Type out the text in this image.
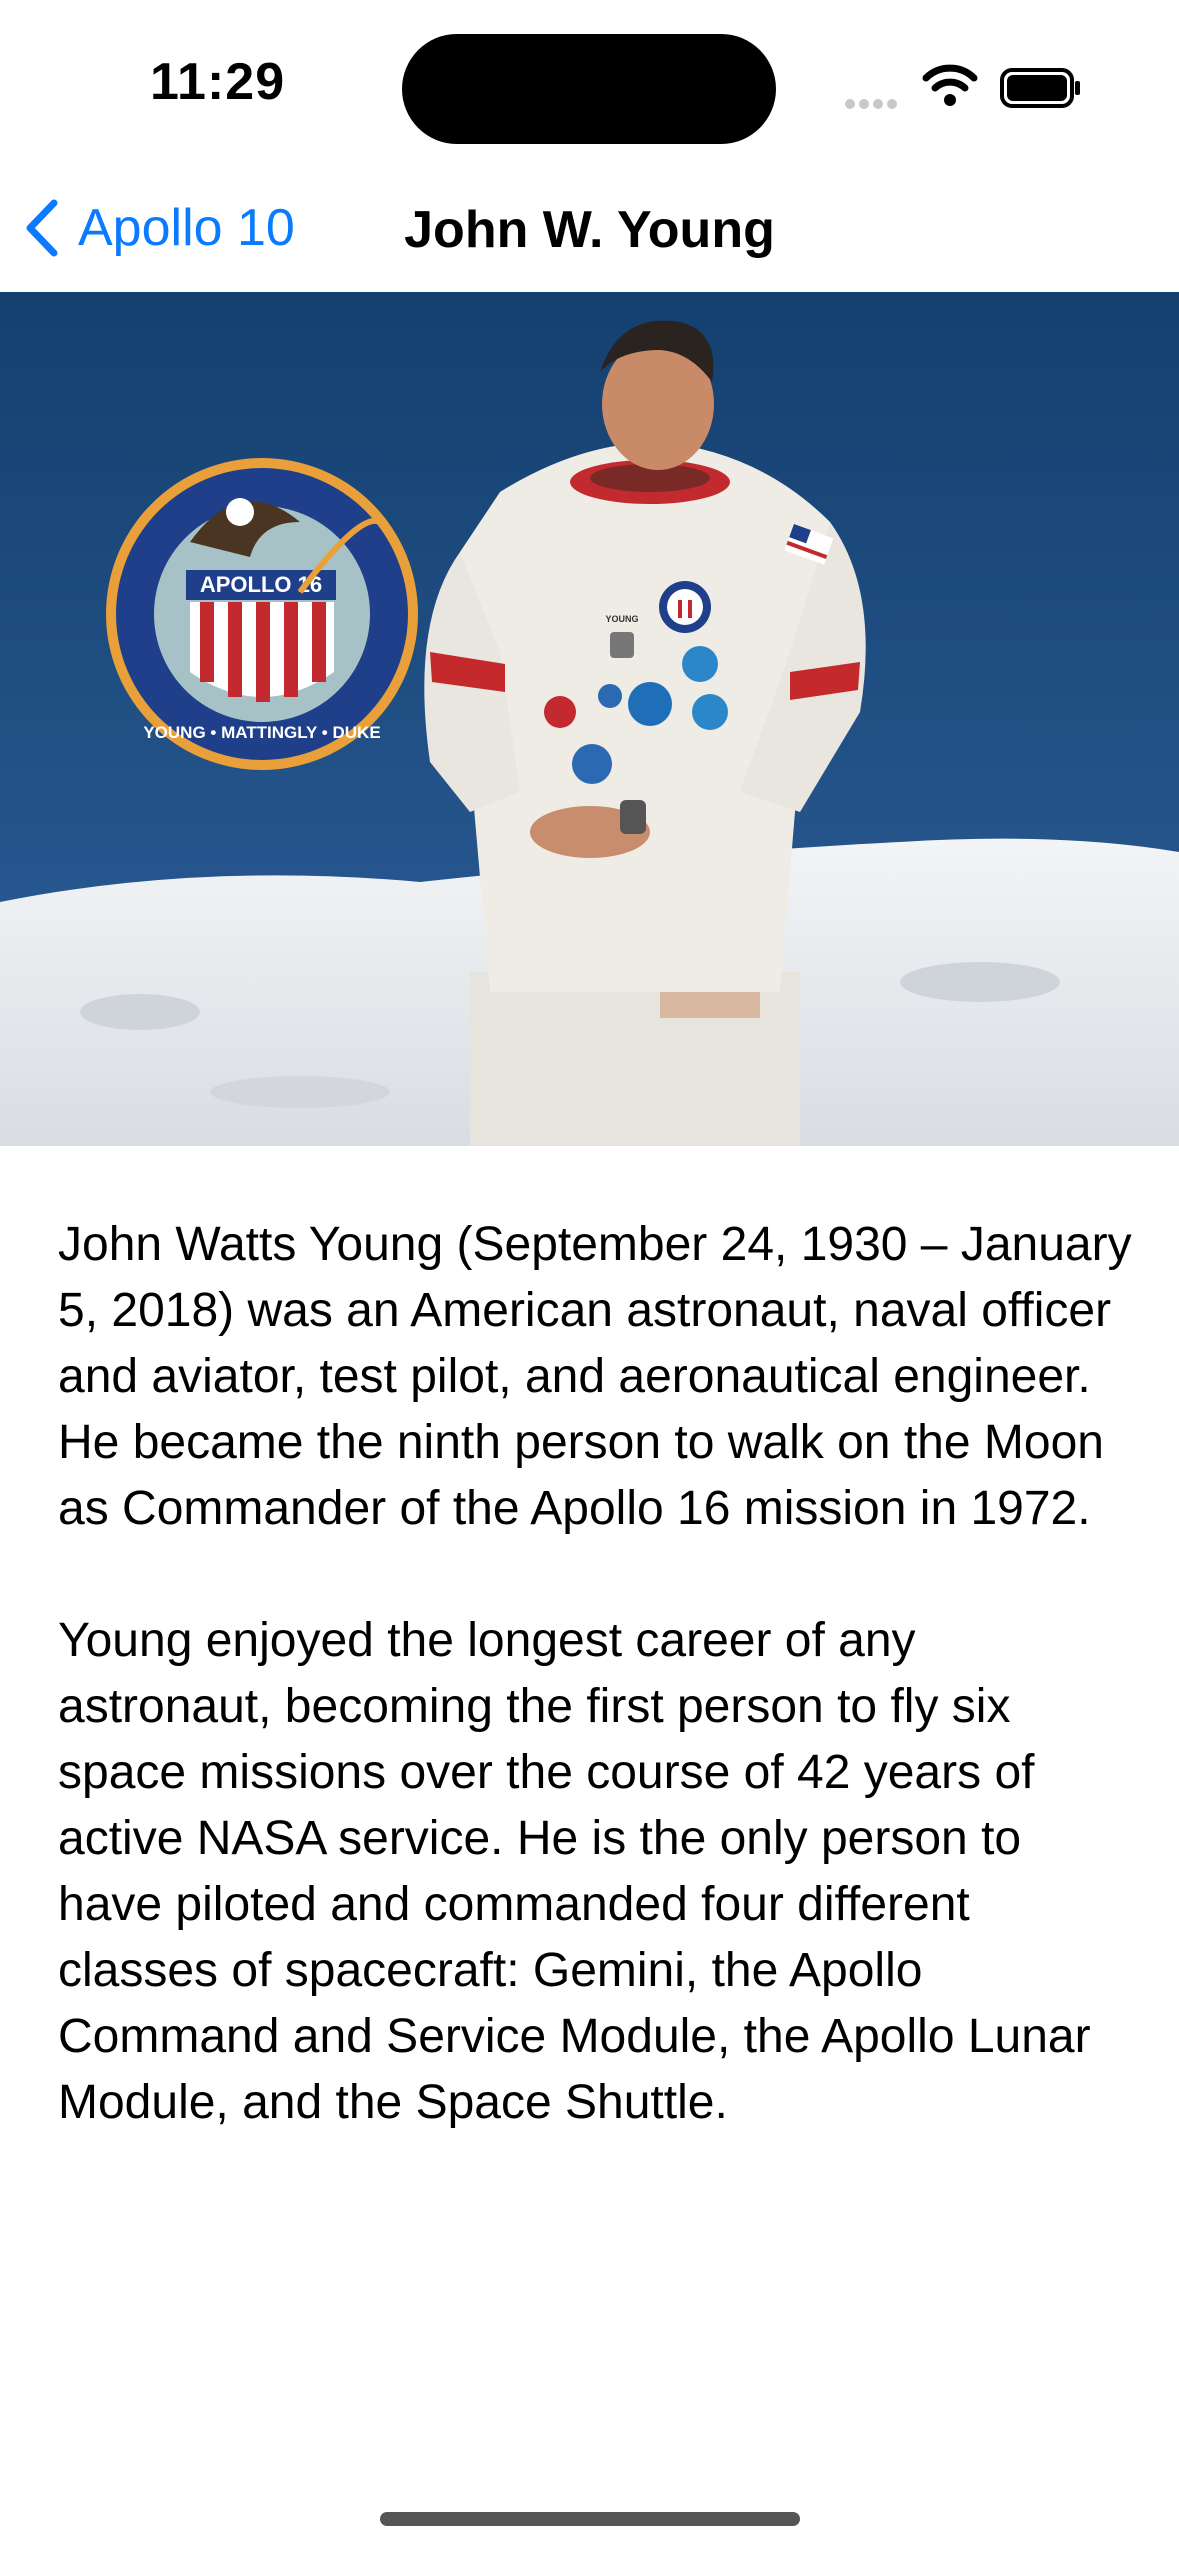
11:29
Apollo 10	John W. Young
APOLLO 16
YOUNG • MATTINGLY • DUKE
YOUNG

John Watts Young (September 24, 1930 – January 5, 2018) was an American astronaut, naval officer and aviator, test pilot, and aeronautical engineer. He became the ninth person to walk on the Moon as Commander of the Apollo 16 mission in 1972.

Young enjoyed the longest career of any astronaut, becoming the first person to fly six space missions over the course of 42 years of active NASA service. He is the only person to have piloted and commanded four different classes of spacecraft: Gemini, the Apollo Command and Service Module, the Apollo Lunar Module, and the Space Shuttle.
